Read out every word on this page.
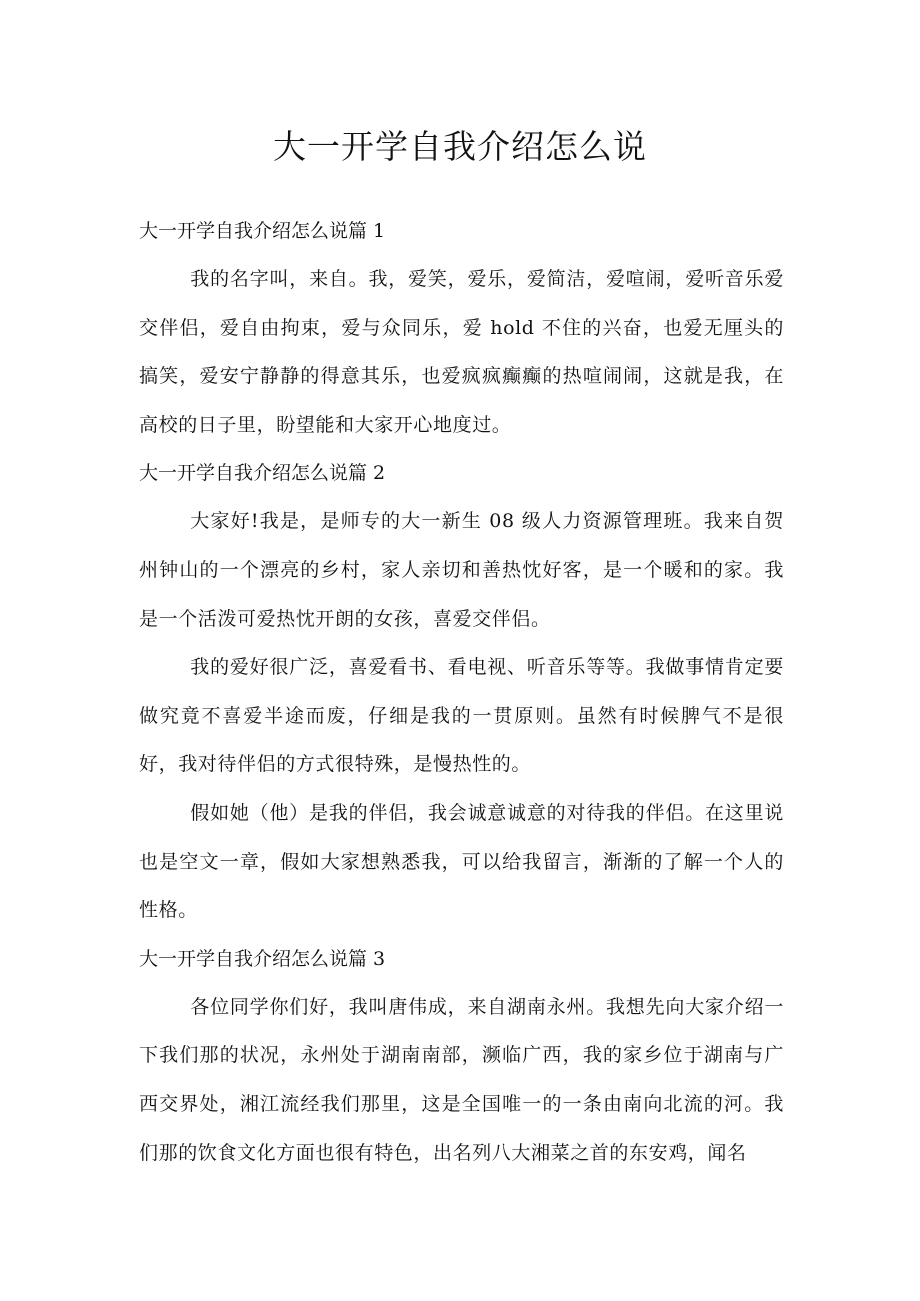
大一开学自我介绍怎么说
大一开学自我介绍怎么说篇 1

我的名字叫，来自。我，爱笑，爱乐，爱简洁，爱喧闹，爱听音乐爱交伴侣，爱自由拘束，爱与众同乐，爱 hold 不住的兴奋，也爱无厘头的搞笑，爱安宁静静的得意其乐，也爱疯疯癫癫的热喧闹闹，这就是我，在高校的日子里，盼望能和大家开心地度过。

大一开学自我介绍怎么说篇 2

大家好!我是，是师专的大一新生 08 级人力资源管理班。我来自贺州钟山的一个漂亮的乡村，家人亲切和善热忱好客，是一个暖和的家。我是一个活泼可爱热忱开朗的女孩，喜爱交伴侣。

我的爱好很广泛，喜爱看书、看电视、听音乐等等。我做事情肯定要做究竟不喜爱半途而废，仔细是我的一贯原则。虽然有时候脾气不是很好，我对待伴侣的方式很特殊，是慢热性的。

假如她（他）是我的伴侣，我会诚意诚意的对待我的伴侣。在这里说也是空文一章，假如大家想熟悉我，可以给我留言，渐渐的了解一个人的性格。

大一开学自我介绍怎么说篇 3

各位同学你们好，我叫唐伟成，来自湖南永州。我想先向大家介绍一下我们那的状况，永州处于湖南南部，濒临广西，我的家乡位于湖南与广西交界处，湘江流经我们那里，这是全国唯一的一条由南向北流的河。我们那的饮食文化方面也很有特色，出名列八大湘菜之首的东安鸡，闻名
